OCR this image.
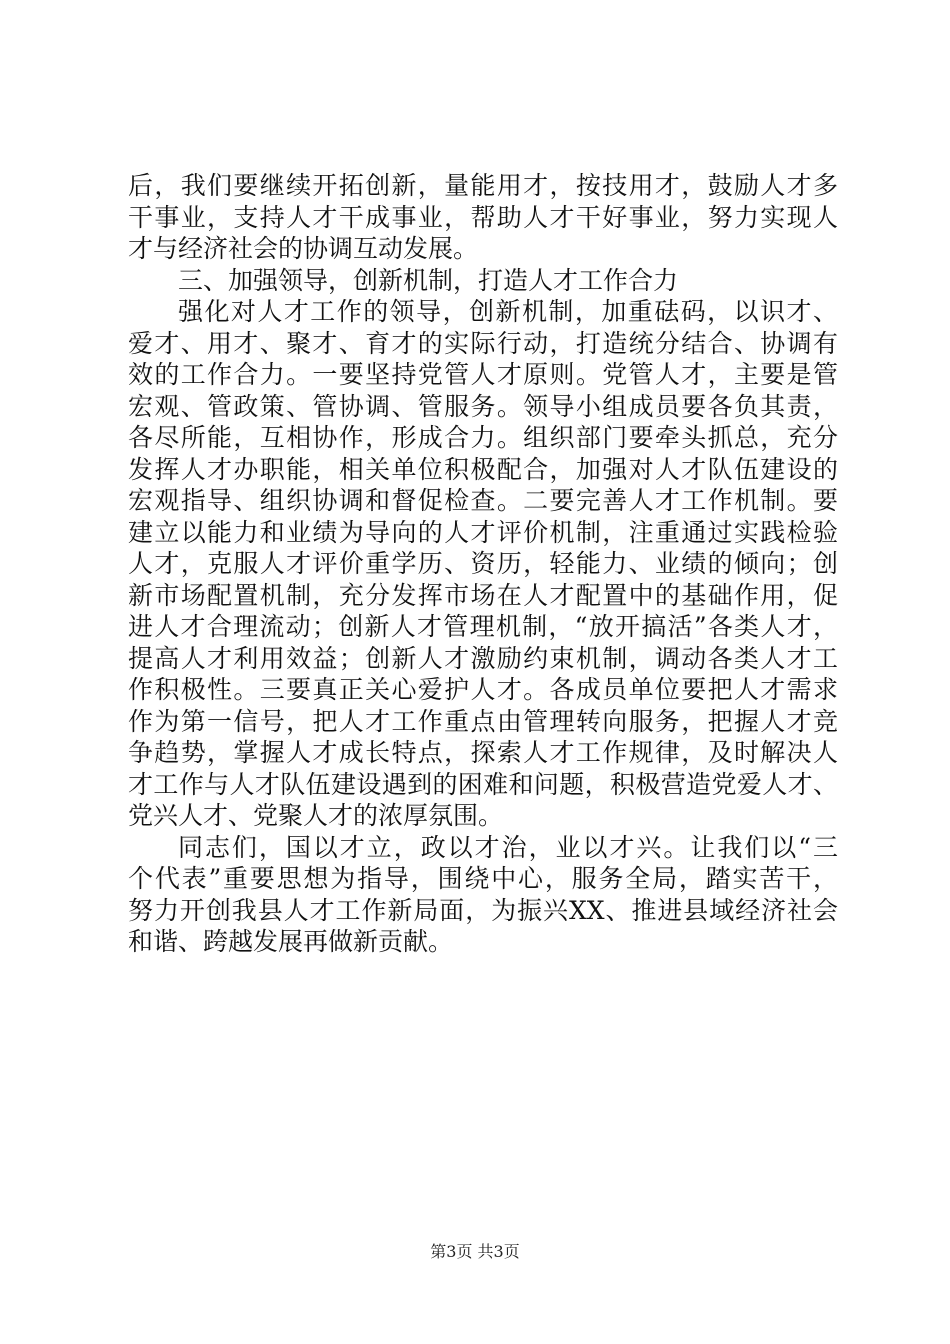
后，我们要继续开拓创新，量能用才，按技用才，鼓励人才多
干事业，支持人才干成事业，帮助人才干好事业，努力实现人
才与经济社会的协调互动发展。
三、加强领导，创新机制，打造人才工作合力
强化对人才工作的领导，创新机制，加重砝码，以识才、
爱才、用才、聚才、育才的实际行动，打造统分结合、协调有
效的工作合力。一要坚持党管人才原则。党管人才，主要是管
宏观、管政策、管协调、管服务。领导小组成员要各负其责，
各尽所能，互相协作，形成合力。组织部门要牵头抓总，充分
发挥人才办职能，相关单位积极配合，加强对人才队伍建设的
宏观指导、组织协调和督促检查。二要完善人才工作机制。要
建立以能力和业绩为导向的人才评价机制，注重通过实践检验
人才，克服人才评价重学历、资历，轻能力、业绩的倾向；创
新市场配置机制，充分发挥市场在人才配置中的基础作用，促
进人才合理流动；创新人才管理机制，“放开搞活”各类人才，
提高人才利用效益；创新人才激励约束机制，调动各类人才工
作积极性。三要真正关心爱护人才。各成员单位要把人才需求
作为第一信号，把人才工作重点由管理转向服务，把握人才竞
争趋势，掌握人才成长特点，探索人才工作规律，及时解决人
才工作与人才队伍建设遇到的困难和问题，积极营造党爱人才、
党兴人才、党聚人才的浓厚氛围。
同志们，国以才立，政以才治，业以才兴。让我们以“三
个代表”重要思想为指导，围绕中心，服务全局，踏实苦干，
努力开创我县人才工作新局面，为振兴XX、推进县域经济社会
和谐、跨越发展再做新贡献。
第3页 共3页
